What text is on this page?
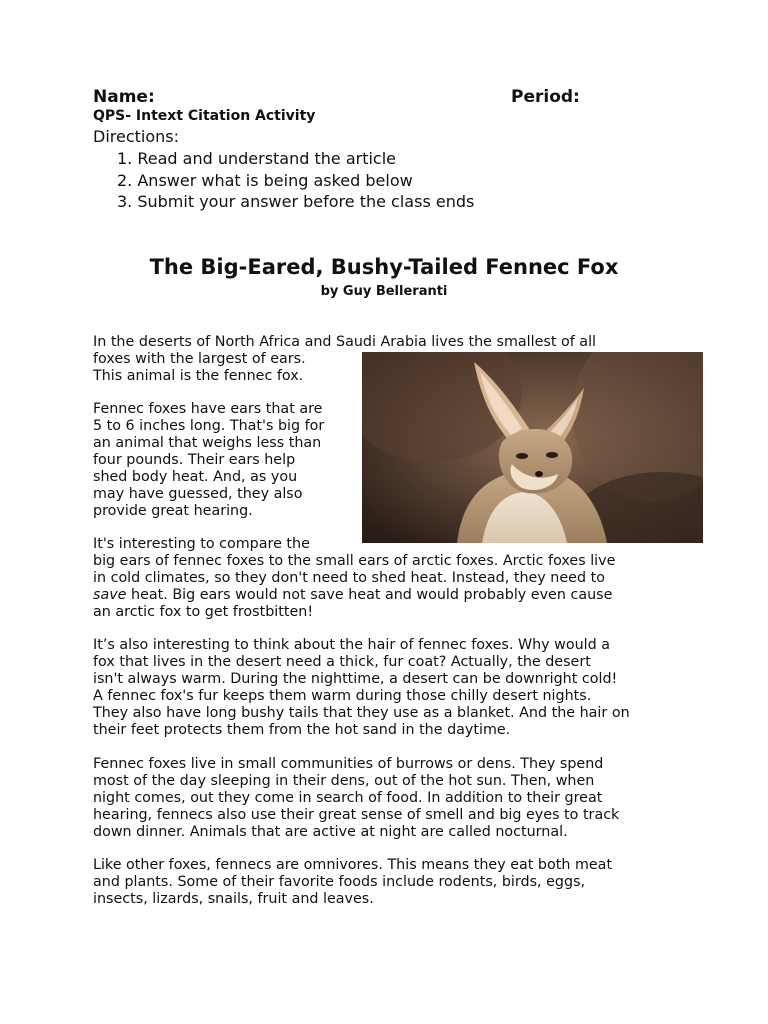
Name:	Period:
QPS- Intext Citation Activity
Directions:
1. Read and understand the article
2. Answer what is being asked below
3. Submit your answer before the class ends
The Big-Eared, Bushy-Tailed Fennec Fox
by Guy Belleranti
In the deserts of North Africa and Saudi Arabia lives the smallest of all
foxes with the largest of ears.
This animal is the fennec fox.
Fennec foxes have ears that are
5 to 6 inches long. That's big for
an animal that weighs less than
four pounds. Their ears help
shed body heat. And, as you
may have guessed, they also
provide great hearing.
It's interesting to compare the
big ears of fennec foxes to the small ears of arctic foxes. Arctic foxes live
in cold climates, so they don't need to shed heat. Instead, they need to
save heat. Big ears would not save heat and would probably even cause
an arctic fox to get frostbitten!
It’s also interesting to think about the hair of fennec foxes. Why would a
fox that lives in the desert need a thick, fur coat? Actually, the desert
isn't always warm. During the nighttime, a desert can be downright cold!
A fennec fox's fur keeps them warm during those chilly desert nights.
They also have long bushy tails that they use as a blanket. And the hair on
their feet protects them from the hot sand in the daytime.
Fennec foxes live in small communities of burrows or dens. They spend
most of the day sleeping in their dens, out of the hot sun. Then, when
night comes, out they come in search of food. In addition to their great
hearing, fennecs also use their great sense of smell and big eyes to track
down dinner. Animals that are active at night are called nocturnal.
Like other foxes, fennecs are omnivores. This means they eat both meat
and plants. Some of their favorite foods include rodents, birds, eggs,
insects, lizards, snails, fruit and leaves.
